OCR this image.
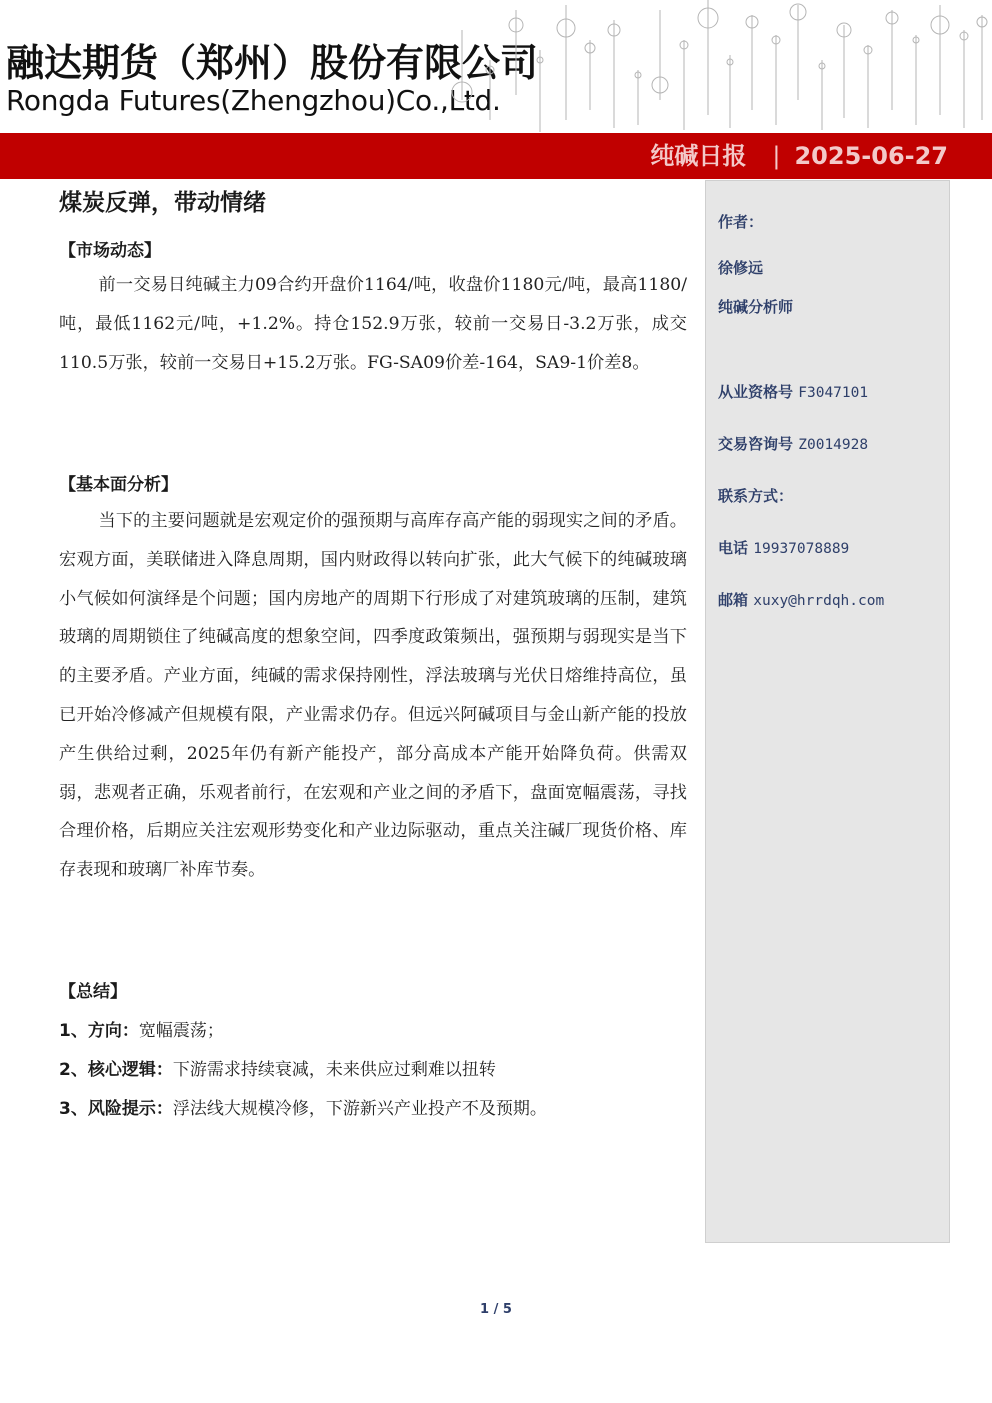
融达期货（郑州）股份有限公司
Rongda Futures(Zhengzhou)Co.,Ltd.
纯碱日报 | 2025-06-27
煤炭反弹，带动情绪
【市场动态】
前一交易日纯碱主力09合约开盘价1164/吨，收盘价1180元/吨，最高1180/吨，最低1162元/吨，+1.2%。持仓152.9万张，较前一交易日-3.2万张，成交110.5万张，较前一交易日+15.2万张。FG-SA09价差-164，SA9-1价差8。
【基本面分析】
当下的主要问题就是宏观定价的强预期与高库存高产能的弱现实之间的矛盾。宏观方面，美联储进入降息周期，国内财政得以转向扩张，此大气候下的纯碱玻璃小气候如何演绎是个问题；国内房地产的周期下行形成了对建筑玻璃的压制，建筑玻璃的周期锁住了纯碱高度的想象空间，四季度政策频出，强预期与弱现实是当下的主要矛盾。产业方面，纯碱的需求保持刚性，浮法玻璃与光伏日熔维持高位，虽已开始冷修减产但规模有限，产业需求仍存。但远兴阿碱项目与金山新产能的投放产生供给过剩，2025年仍有新产能投产，部分高成本产能开始降负荷。供需双弱，悲观者正确，乐观者前行，在宏观和产业之间的矛盾下，盘面宽幅震荡，寻找合理价格，后期应关注宏观形势变化和产业边际驱动，重点关注碱厂现货价格、库存表现和玻璃厂补库节奏。
【总结】
1、方向：宽幅震荡；
2、核心逻辑：下游需求持续衰减，未来供应过剩难以扭转
3、风险提示：浮法线大规模冷修，下游新兴产业投产不及预期。
作者：
徐修远
纯碱分析师
从业资格号 F3047101
交易咨询号 Z0014928
联系方式：
电话 19937078889
邮箱 xuxy@hrrdqh.com
1 / 5
